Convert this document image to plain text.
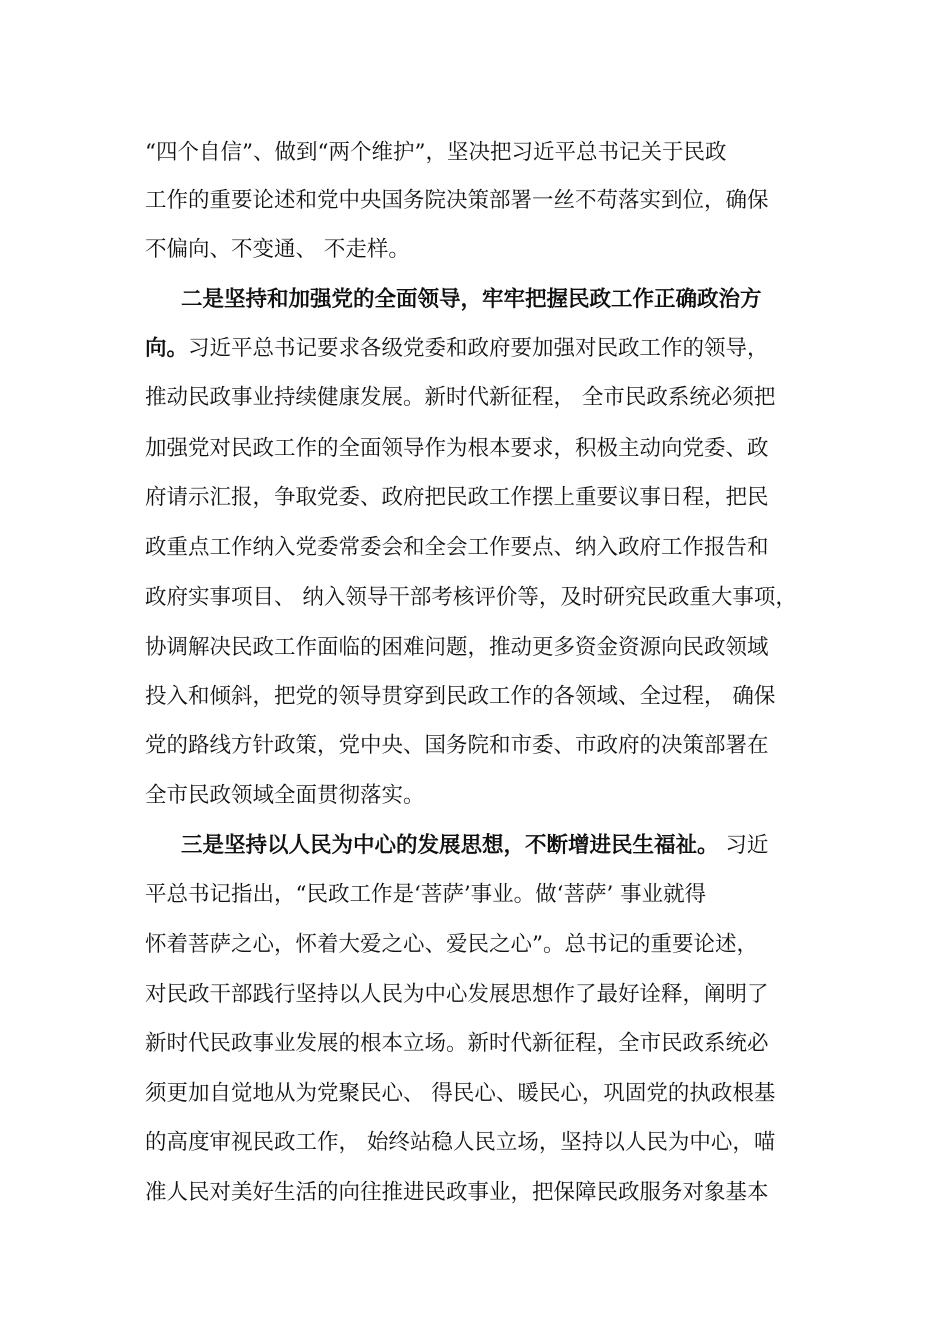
“四个自信”、做到“两个维护”，坚决把习近平总书记关于民政
工作的重要论述和党中央国务院决策部署一丝不苟落实到位，确保
不偏向、不变通、 不走样。
二是坚持和加强党的全面领导，牢牢把握民政工作正确政治方
向。习近平总书记要求各级党委和政府要加强对民政工作的领导，
推动民政事业持续健康发展。新时代新征程， 全市民政系统必须把
加强党对民政工作的全面领导作为根本要求，积极主动向党委、政
府请示汇报，争取党委、政府把民政工作摆上重要议事日程，把民
政重点工作纳入党委常委会和全会工作要点、纳入政府工作报告和
政府实事项目、 纳入领导干部考核评价等，及时研究民政重大事项，
协调解决民政工作面临的困难问题，推动更多资金资源向民政领域
投入和倾斜，把党的领导贯穿到民政工作的各领域、全过程， 确保
党的路线方针政策，党中央、国务院和市委、市政府的决策部署在
全市民政领域全面贯彻落实。
三是坚持以人民为中心的发展思想，不断增进民生福祉。 习近
平总书记指出，“民政工作是‘菩萨’事业。做‘菩萨’ 事业就得
怀着菩萨之心，怀着大爱之心、爱民之心”。总书记的重要论述，
对民政干部践行坚持以人民为中心发展思想作了最好诠释，阐明了
新时代民政事业发展的根本立场。新时代新征程，全市民政系统必
须更加自觉地从为党聚民心、 得民心、暖民心，巩固党的执政根基
的高度审视民政工作， 始终站稳人民立场，坚持以人民为中心，喵
准人民对美好生活的向往推进民政事业，把保障民政服务对象基本
